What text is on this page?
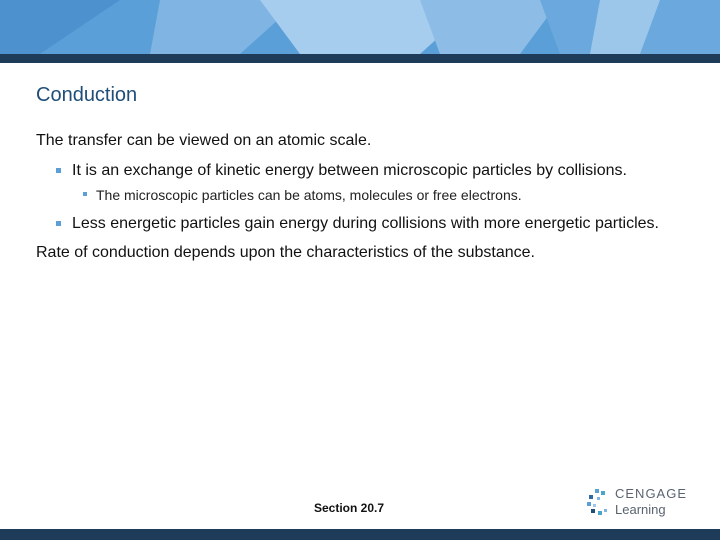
Conduction
The transfer can be viewed on an atomic scale.
It is an exchange of kinetic energy between microscopic particles by collisions.
The microscopic particles can be atoms, molecules or free electrons.
Less energetic particles gain energy during collisions with more energetic particles.
Rate of conduction depends upon the characteristics of the substance.
Section 20.7
CENGAGE
Learning
